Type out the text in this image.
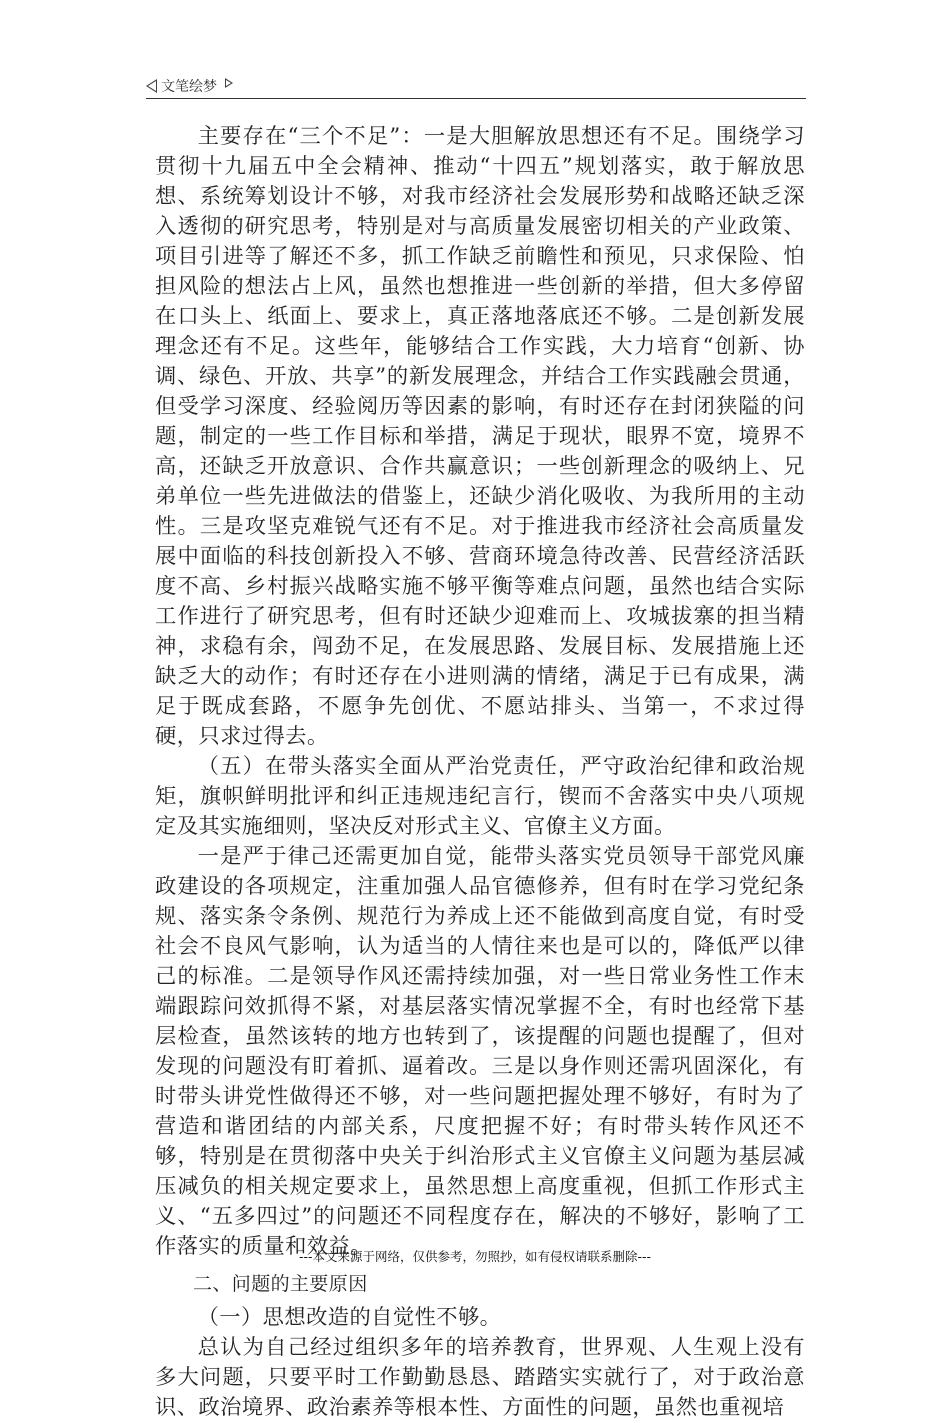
文笔绘梦

主要存在“三个不足”：一是大胆解放思想还有不足。围绕学习贯彻十九届五中全会精神、推动“十四五”规划落实，敢于解放思想、系统筹划设计不够，对我市经济社会发展形势和战略还缺乏深入透彻的研究思考，特别是对与高质量发展密切相关的产业政策、项目引进等了解还不多，抓工作缺乏前瞻性和预见，只求保险、怕担风险的想法占上风，虽然也想推进一些创新的举措，但大多停留在口头上、纸面上、要求上，真正落地落底还不够。二是创新发展理念还有不足。这些年，能够结合工作实践，大力培育“创新、协调、绿色、开放、共享”的新发展理念，并结合工作实践融会贯通，但受学习深度、经验阅历等因素的影响，有时还存在封闭狭隘的问题，制定的一些工作目标和举措，满足于现状，眼界不宽，境界不高，还缺乏开放意识、合作共赢意识；一些创新理念的吸纳上、兄弟单位一些先进做法的借鉴上，还缺少消化吸收、为我所用的主动性。三是攻坚克难锐气还有不足。对于推进我市经济社会高质量发展中面临的科技创新投入不够、营商环境急待改善、民营经济活跃度不高、乡村振兴战略实施不够平衡等难点问题，虽然也结合实际工作进行了研究思考，但有时还缺少迎难而上、攻城拔寨的担当精神，求稳有余，闯劲不足，在发展思路、发展目标、发展措施上还缺乏大的动作；有时还存在小进则满的情绪，满足于已有成果，满足于既成套路，不愿争先创优、不愿站排头、当第一，不求过得硬，只求过得去。

（五）在带头落实全面从严治党责任，严守政治纪律和政治规矩，旗帜鲜明批评和纠正违规违纪言行，锲而不舍落实中央八项规定及其实施细则，坚决反对形式主义、官僚主义方面。

一是严于律己还需更加自觉，能带头落实党员领导干部党风廉政建设的各项规定，注重加强人品官德修养，但有时在学习党纪条规、落实条令条例、规范行为养成上还不能做到高度自觉，有时受社会不良风气影响，认为适当的人情往来也是可以的，降低严以律己的标准。二是领导作风还需持续加强，对一些日常业务性工作末端跟踪问效抓得不紧，对基层落实情况掌握不全，有时也经常下基层检查，虽然该转的地方也转到了，该提醒的问题也提醒了，但对发现的问题没有盯着抓、逼着改。三是以身作则还需巩固深化，有时带头讲党性做得还不够，对一些问题把握处理不够好，有时为了营造和谐团结的内部关系，尺度把握不好；有时带头转作风还不够，特别是在贯彻落中央关于纠治形式主义官僚主义问题为基层减压减负的相关规定要求上，虽然思想上高度重视，但抓工作形式主义、“五多四过”的问题还不同程度存在，解决的不够好，影响了工作落实的质量和效益。

二、问题的主要原因

（一）思想改造的自觉性不够。

总认为自己经过组织多年的培养教育，世界观、人生观上没有多大问题，只要平时工作勤勤恳恳、踏踏实实就行了，对于政治意识、政治境界、政治素养等根本性、方面性的问题，虽然也重视培

---本文来源于网络，仅供参考，勿照抄，如有侵权请联系删除---
